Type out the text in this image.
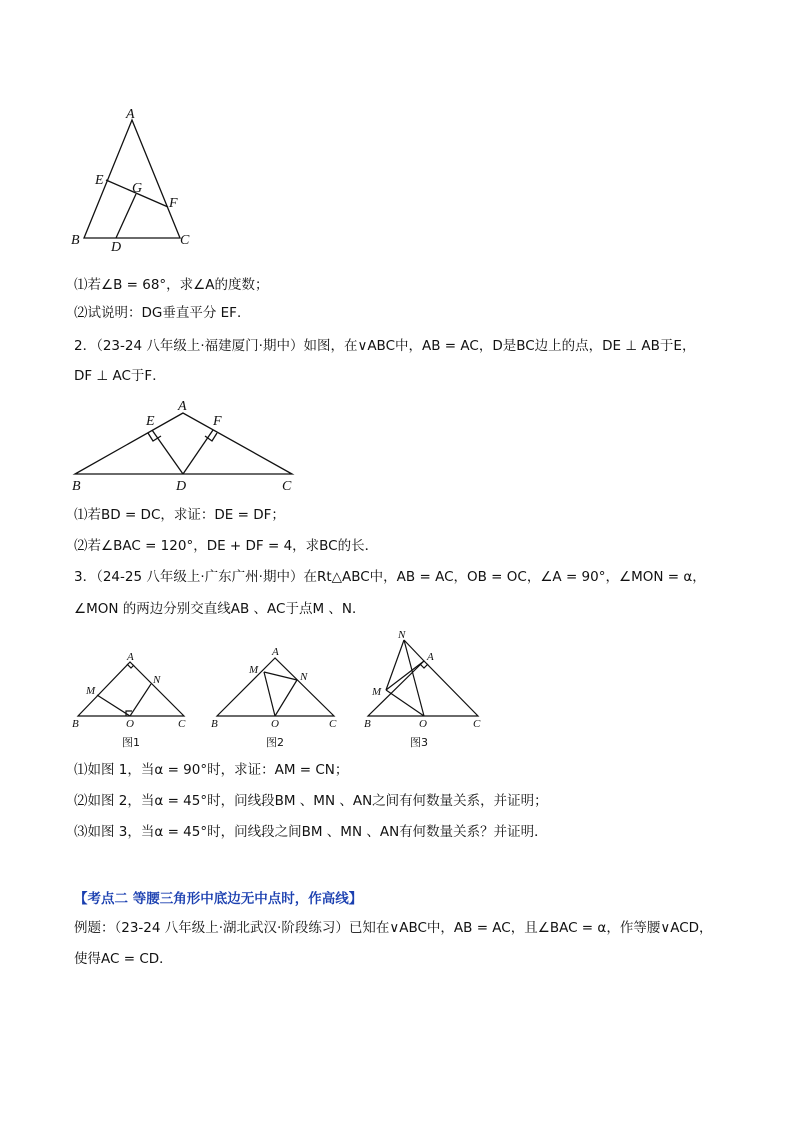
A
B	C
D
E
F
G
A
B	C
D
E	F
A
B	C
O
M
N
图1
A
B	C
O
M
N
图2
A
B	C
O
M
N
图3
⑴若∠B = 68°，求∠A的度数；
⑵试说明：DG垂直平分 EF．
2．（23-24 八年级上·福建厦门·期中）如图，在∨ABC中，AB = AC，D是BC边上的点，DE ⊥ AB于E，
DF ⊥ AC于F．
⑴若BD = DC，求证：DE = DF；
⑵若∠BAC = 120°，DE + DF = 4，求BC的长．
3．（24-25 八年级上·广东广州·期中）在Rt△ABC中，AB = AC，OB = OC，∠A = 90°，∠MON = α，
∠MON 的两边分别交直线AB 、AC于点M 、N．
⑴如图 1，当α = 90°时，求证：AM = CN；
⑵如图 2，当α = 45°时，问线段BM 、MN 、AN之间有何数量关系，并证明；
⑶如图 3，当α = 45°时，问线段之间BM 、MN 、AN有何数量关系？并证明．
【考点二 等腰三角形中底边无中点时，作高线】
例题：（23-24 八年级上·湖北武汉·阶段练习）已知在∨ABC中，AB = AC，且∠BAC = α，作等腰∨ACD，
使得AC = CD．
